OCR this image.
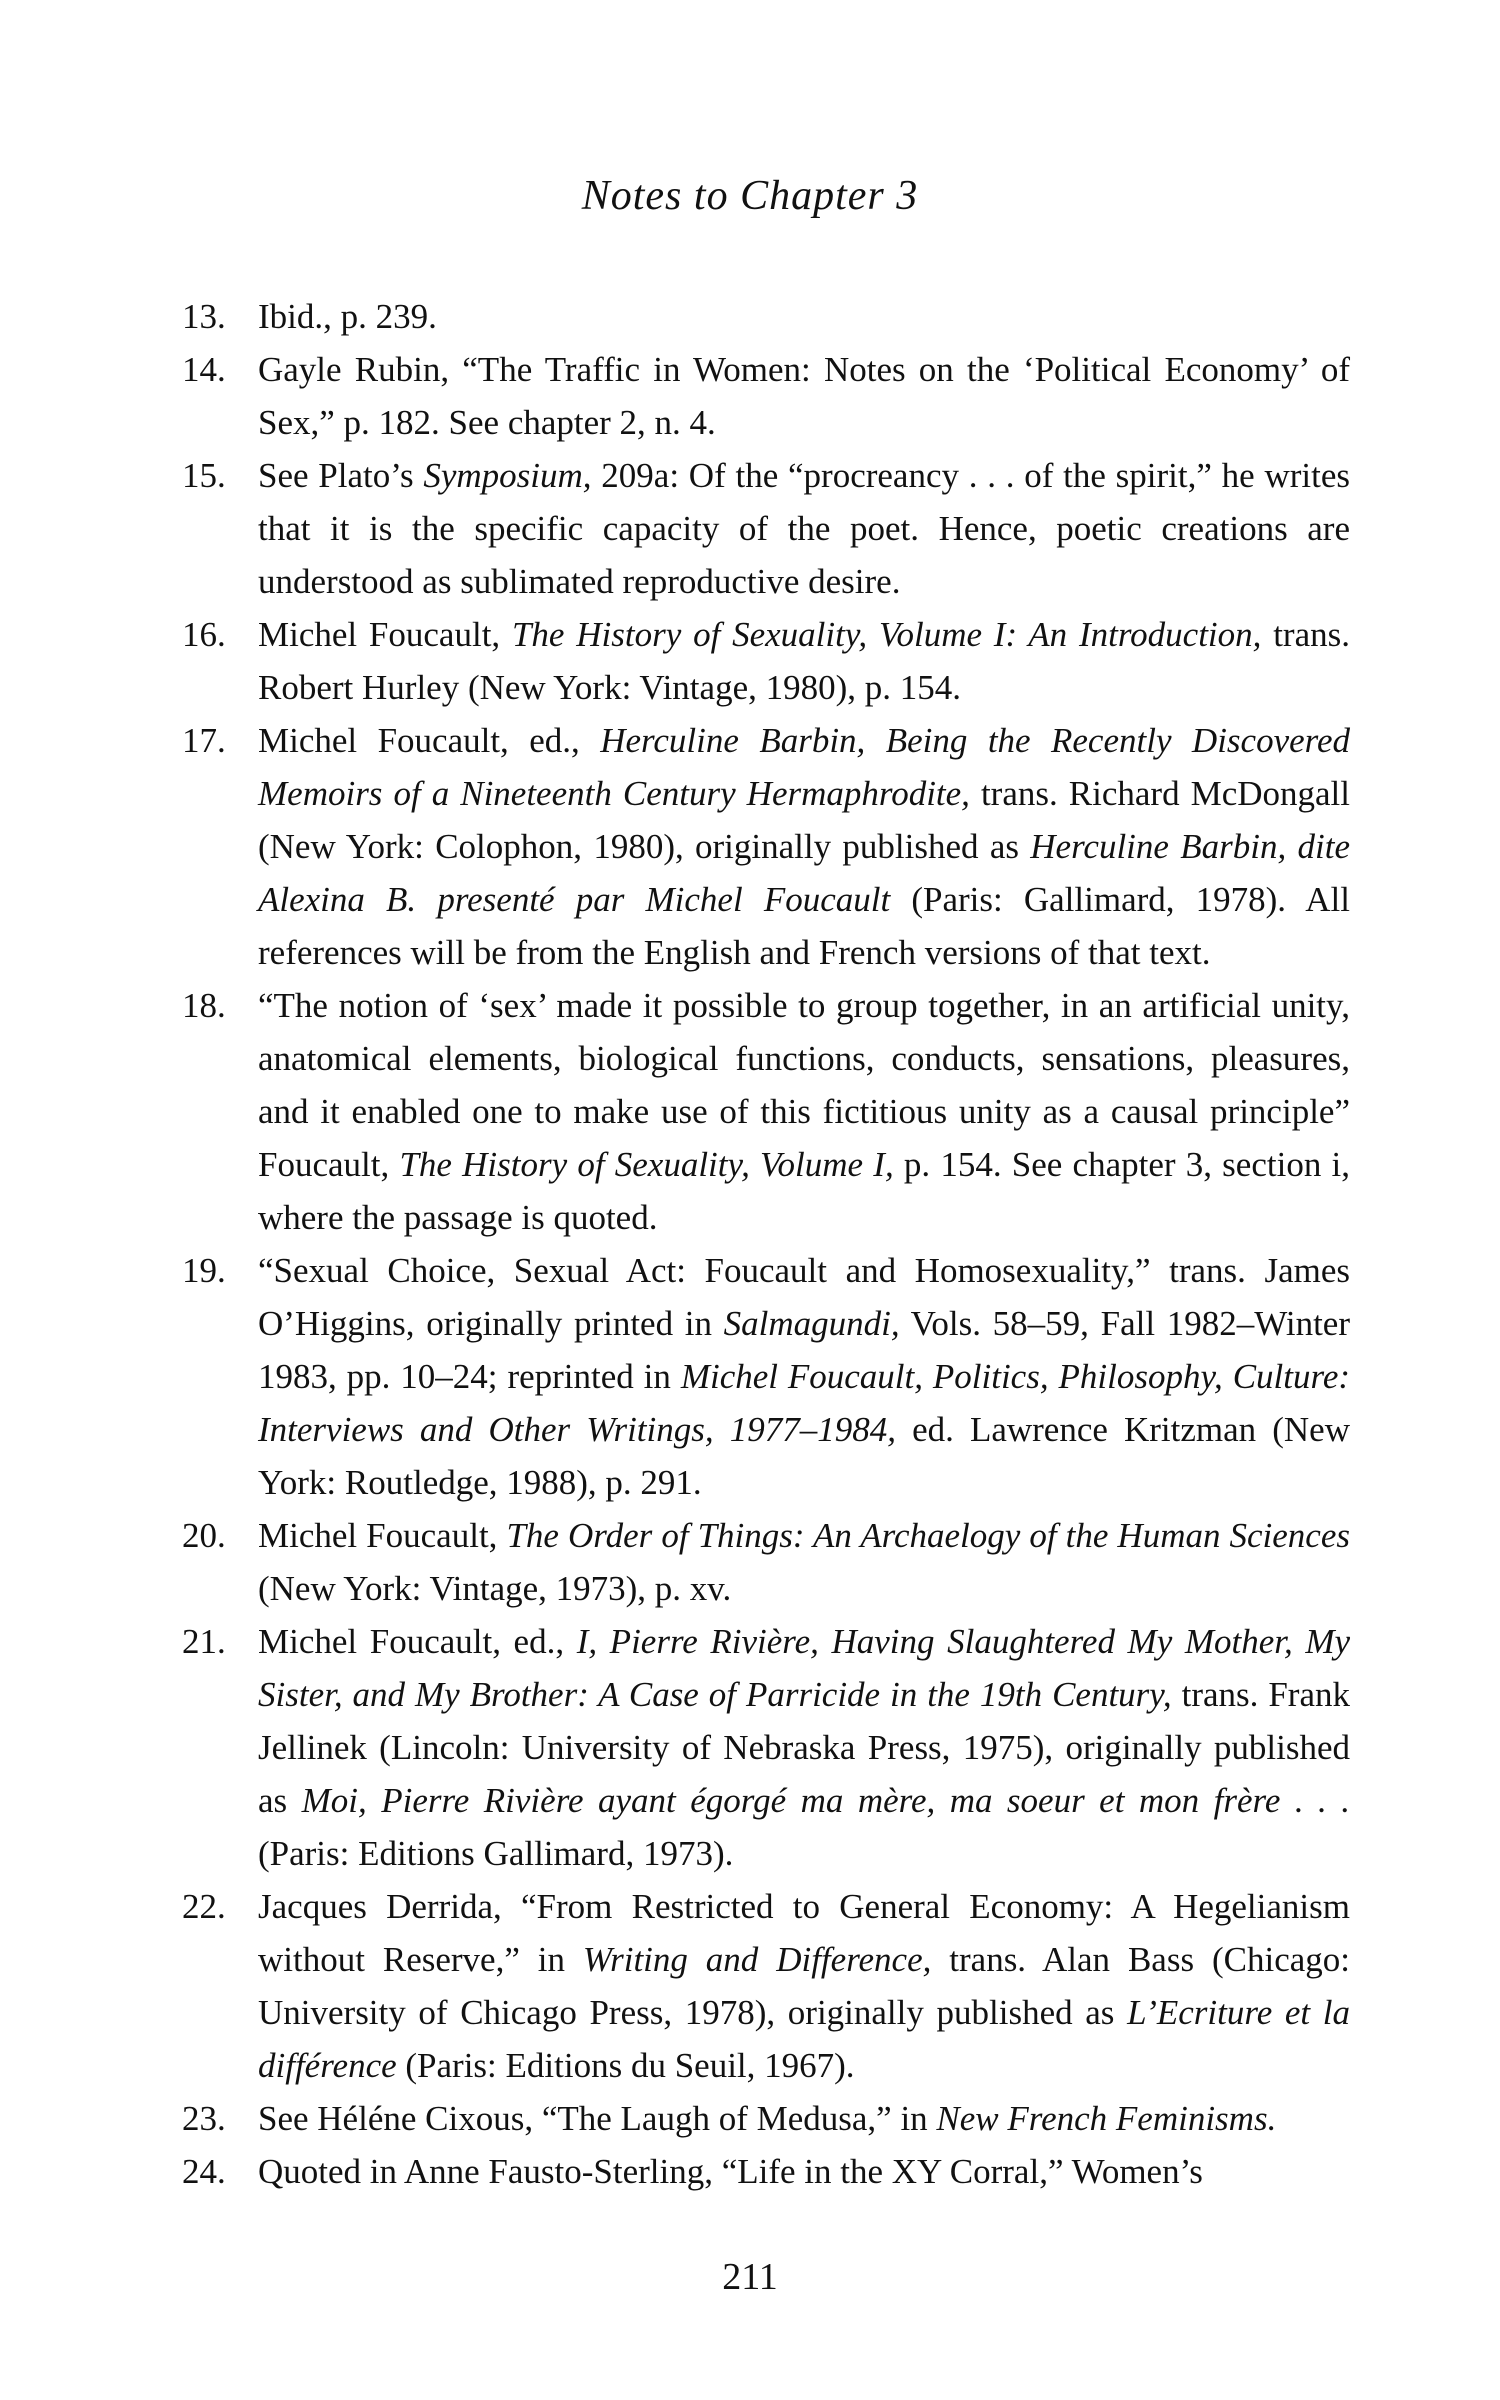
Notes to Chapter 3
13. Ibid., p. 239.
14. Gayle Rubin, “The Traffic in Women: Notes on the ‘Political Economy’ of Sex,” p. 182. See chapter 2, n. 4.
15. See Plato’s Symposium, 209a: Of the “procreancy . . . of the spirit,” he writes that it is the specific capacity of the poet. Hence, poetic creations are understood as sublimated reproductive desire.
16. Michel Foucault, The History of Sexuality, Volume I: An Introduction, trans. Robert Hurley (New York: Vintage, 1980), p. 154.
17. Michel Foucault, ed., Herculine Barbin, Being the Recently Discovered Memoirs of a Nineteenth Century Hermaphrodite, trans. Richard McDongall (New York: Colophon, 1980), originally published as Herculine Barbin, dite Alexina B. presenté par Michel Foucault (Paris: Gallimard, 1978). All references will be from the English and French versions of that text.
18. “The notion of ‘sex’ made it possible to group together, in an artificial unity, anatomical elements, biological functions, conducts, sensations, pleasures, and it enabled one to make use of this fictitious unity as a causal principle” Foucault, The History of Sexuality, Volume I, p. 154. See chapter 3, section i, where the passage is quoted.
19. “Sexual Choice, Sexual Act: Foucault and Homosexuality,” trans. James O’Higgins, originally printed in Salmagundi, Vols. 58–59, Fall 1982–Winter 1983, pp. 10–24; reprinted in Michel Foucault, Politics, Philosophy, Culture: Interviews and Other Writings, 1977–1984, ed. Lawrence Kritzman (New York: Routledge, 1988), p. 291.
20. Michel Foucault, The Order of Things: An Archaelogy of the Human Sciences (New York: Vintage, 1973), p. xv.
21. Michel Foucault, ed., I, Pierre Rivière, Having Slaughtered My Mother, My Sister, and My Brother: A Case of Parricide in the 19th Century, trans. Frank Jellinek (Lincoln: University of Nebraska Press, 1975), originally published as Moi, Pierre Rivière ayant égorgé ma mère, ma soeur et mon frère . . . (Paris: Editions Gallimard, 1973).
22. Jacques Derrida, “From Restricted to General Economy: A Hegelianism without Reserve,” in Writing and Difference, trans. Alan Bass (Chicago: University of Chicago Press, 1978), originally published as L’Ecriture et la différence (Paris: Editions du Seuil, 1967).
23. See Héléne Cixous, “The Laugh of Medusa,” in New French Feminisms.
24. Quoted in Anne Fausto-Sterling, “Life in the XY Corral,” Women’s
211
